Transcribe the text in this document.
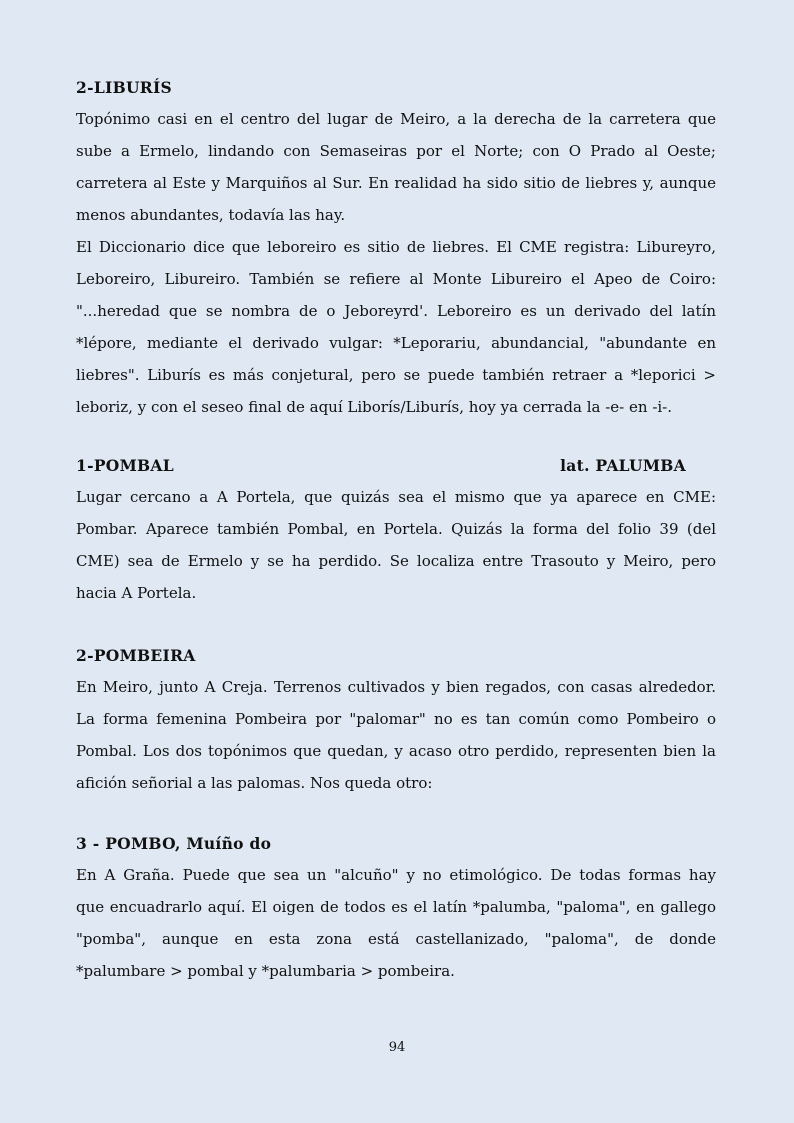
2-LIBURÍS

Topónimo casi en el centro del lugar de Meiro, a la derecha de la carretera que

sube a Ermelo, lindando con Semaseiras por el Norte; con O Prado al Oeste;

carretera al Este y Marquiños al Sur. En realidad ha sido sitio de liebres y, aunque

menos abundantes, todavía las hay.

El Diccionario dice que leboreiro es sitio de liebres. El CME registra: Libureyro,

Leboreiro, Libureiro. También se refiere al Monte Libureiro el Apeo de Coiro:

"...heredad que se nombra de o Jeboreyrd'. Leboreiro es un derivado del latín

*lépore, mediante el derivado vulgar: *Leporariu, abundancial, "abundante en

liebres". Liburís es más conjetural, pero se puede también retraer a *leporici >

leboriz, y con el seseo final de aquí Liborís/Liburís, hoy ya cerrada la -e- en -i-.

1-POMBAL	lat. PALUMBA

Lugar cercano a A Portela, que quizás sea el mismo que ya aparece en CME:

Pombar. Aparece también Pombal, en Portela. Quizás la forma del folio 39 (del

CME) sea de Ermelo y se ha perdido. Se localiza entre Trasouto y Meiro, pero

hacia A Portela.

2-POMBEIRA

En Meiro, junto A Creja. Terrenos cultivados y bien regados, con casas alrededor.

La forma femenina Pombeira por "palomar" no es tan común como Pombeiro o

Pombal. Los dos topónimos que quedan, y acaso otro perdido, representen bien la

afición señorial a las palomas. Nos queda otro:

3 - POMBO, Muíño do

En A Graña. Puede que sea un "alcuño" y no etimológico. De todas formas hay

que encuadrarlo aquí. El oigen de todos es el latín *palumba, "paloma", en gallego

"pomba", aunque en esta zona está castellanizado, "paloma", de donde

*palumbare > pombal y *palumbaria > pombeira.

94
